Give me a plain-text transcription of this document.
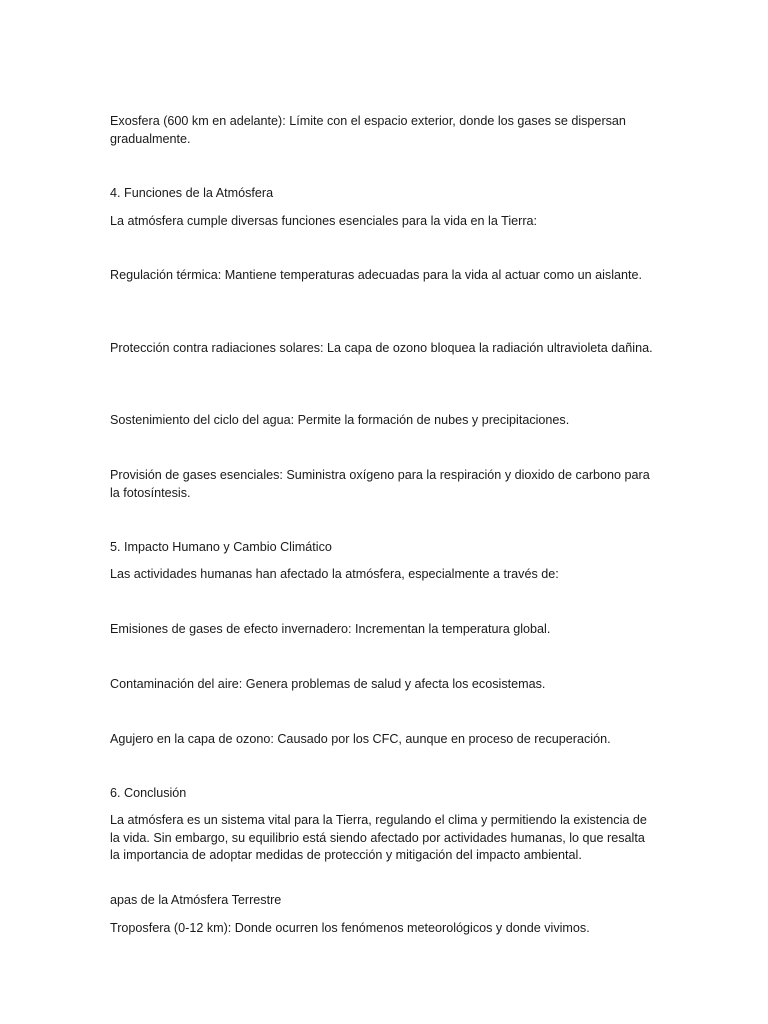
Exosfera (600 km en adelante): Límite con el espacio exterior, donde los gases se dispersan gradualmente.

4. Funciones de la Atmósfera

La atmósfera cumple diversas funciones esenciales para la vida en la Tierra:

Regulación térmica: Mantiene temperaturas adecuadas para la vida al actuar como un aislante.

Protección contra radiaciones solares: La capa de ozono bloquea la radiación ultravioleta dañina.

Sostenimiento del ciclo del agua: Permite la formación de nubes y precipitaciones.

Provisión de gases esenciales: Suministra oxígeno para la respiración y dioxido de carbono para la fotosíntesis.

5. Impacto Humano y Cambio Climático

Las actividades humanas han afectado la atmósfera, especialmente a través de:

Emisiones de gases de efecto invernadero: Incrementan la temperatura global.

Contaminación del aire: Genera problemas de salud y afecta los ecosistemas.

Agujero en la capa de ozono: Causado por los CFC, aunque en proceso de recuperación.

6. Conclusión

La atmósfera es un sistema vital para la Tierra, regulando el clima y permitiendo la existencia de la vida. Sin embargo, su equilibrio está siendo afectado por actividades humanas, lo que resalta la importancia de adoptar medidas de protección y mitigación del impacto ambiental.

apas de la Atmósfera Terrestre

Troposfera (0-12 km): Donde ocurren los fenómenos meteorológicos y donde vivimos.
